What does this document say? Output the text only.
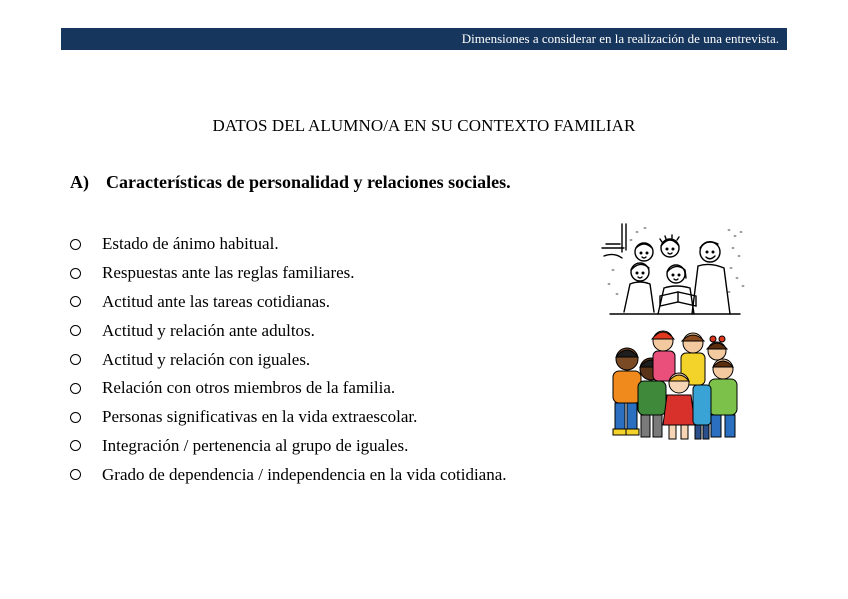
Dimensiones a considerar en la realización de una entrevista.
DATOS DEL ALUMNO/A EN SU CONTEXTO FAMILIAR
A) Características de personalidad y relaciones sociales.
Estado de ánimo habitual.
Respuestas ante las reglas familiares.
Actitud ante las tareas cotidianas.
Actitud y relación ante adultos.
Actitud y relación con iguales.
Relación con otros miembros de la familia.
Personas significativas en la vida extraescolar.
Integración / pertenencia al grupo de iguales.
Grado de dependencia / independencia en la vida cotidiana.
